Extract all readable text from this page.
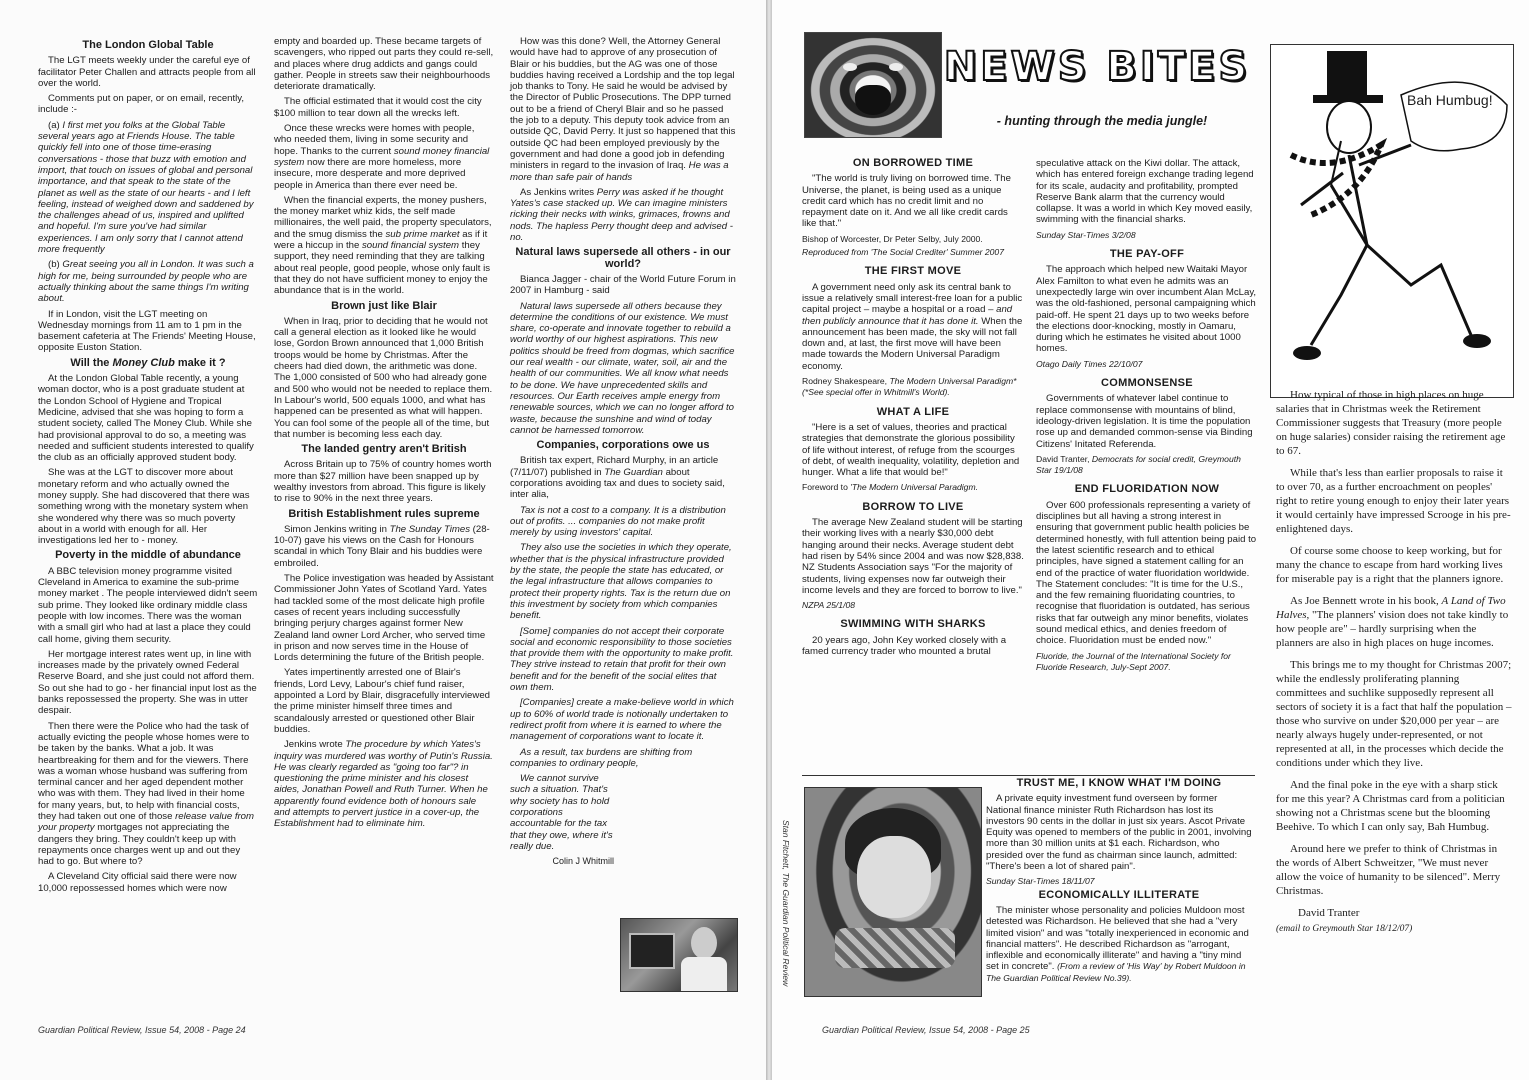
The London Global Table

The LGT meets weekly under the careful eye of facilitator Peter Challen and attracts people from all over the world.

Comments put on paper, or on email, recently, include :-

(a) I first met you folks at the Global Table several years ago at Friends House. The table quickly fell into one of those time-erasing conversations - those that buzz with emotion and import, that touch on issues of global and personal importance, and that speak to the state of the planet as well as the state of our hearts - and I left feeling, instead of weighed down and saddened by the challenges ahead of us, inspired and uplifted and hopeful. I'm sure you've had similar experiences. I am only sorry that I cannot attend more frequently

(b) Great seeing you all in London. It was such a high for me, being surrounded by people who are actually thinking about the same things I'm writing about.

If in London, visit the LGT meeting on Wednesday mornings from 11 am to 1 pm in the basement cafeteria at The Friends' Meeting House, opposite Euston Station.

Will the Money Club make it ?

At the London Global Table recently, a young woman doctor, who is a post graduate student at the London School of Hygiene and Tropical Medicine, advised that she was hoping to form a student society, called The Money Club. While she had provisional approval to do so, a meeting was needed and sufficient students interested to qualify the club as an officially approved student body.

She was at the LGT to discover more about monetary reform and who actually owned the money supply. She had discovered that there was something wrong with the monetary system when she wondered why there was so much poverty about in a world with enough for all. Her investigations led her to - money.

Poverty in the middle of abundance

A BBC television money programme visited Cleveland in America to examine the sub-prime money market . The people interviewed didn't seem sub prime. They looked like ordinary middle class people with low incomes. There was the woman with a small girl who had at last a place they could call home, giving them security.

Her mortgage interest rates went up, in line with increases made by the privately owned Federal Reserve Board, and she just could not afford them. So out she had to go - her financial input lost as the banks repossessed the property. She was in utter despair.

Then there were the Police who had the task of actually evicting the people whose homes were to be taken by the banks. What a job. It was heartbreaking for them and for the viewers. There was a woman whose husband was suffering from terminal cancer and her aged dependent mother who was with them. They had lived in their home for many years, but, to help with financial costs, they had taken out one of those release value from your property mortgages not appreciating the dangers they bring. They couldn't keep up with repayments once charges went up and out they had to go. But where to?

A Cleveland City official said there were now 10,000 repossessed homes which were now

empty and boarded up. These became targets of scavengers, who ripped out parts they could re-sell, and places where drug addicts and gangs could gather. People in streets saw their neighbourhoods deteriorate dramatically.

The official estimated that it would cost the city $100 million to tear down all the wrecks left.

Once these wrecks were homes with people, who needed them, living in some security and hope. Thanks to the current sound money financial system now there are more homeless, more insecure, more desperate and more deprived people in America than there ever need be.

When the financial experts, the money pushers, the money market whiz kids, the self made millionaires, the well paid, the property speculators, and the smug dismiss the sub prime market as if it were a hiccup in the sound financial system they support, they need reminding that they are talking about real people, good people, whose only fault is that they do not have sufficient money to enjoy the abundance that is in the world.

Brown just like Blair

When in Iraq, prior to deciding that he would not call a general election as it looked like he would lose, Gordon Brown announced that 1,000 British troops would be home by Christmas. After the cheers had died down, the arithmetic was done. The 1,000 consisted of 500 who had already gone and 500 who would not be needed to replace them. In Labour's world, 500 equals 1000, and what has happened can be presented as what will happen. You can fool some of the people all of the time, but that number is becoming less each day.

The landed gentry aren't British

Across Britain up to 75% of country homes worth more than $27 million have been snapped up by wealthy investors from abroad. This figure is likely to rise to 90% in the next three years.

British Establishment rules supreme

Simon Jenkins writing in The Sunday Times (28-10-07) gave his views on the Cash for Honours scandal in which Tony Blair and his buddies were embroiled.

The Police investigation was headed by Assistant Commissioner John Yates of Scotland Yard. Yates had tackled some of the most delicate high profile cases of recent years including successfully bringing perjury charges against former New Zealand land owner Lord Archer, who served time in prison and now serves time in the House of Lords determining the future of the British people.

Yates impertinently arrested one of Blair's friends, Lord Levy, Labour's chief fund raiser, appointed a Lord by Blair, disgracefully interviewed the prime minister himself three times and scandalously arrested or questioned other Blair buddies.

Jenkins wrote The procedure by which Yates's inquiry was murdered was worthy of Putin's Russia. He was clearly regarded as "going too far"? in questioning the prime minister and his closest aides, Jonathan Powell and Ruth Turner. When he apparently found evidence both of honours sale and attempts to pervert justice in a cover-up, the Establishment had to eliminate him.

How was this done? Well, the Attorney General would have had to approve of any prosecution of Blair or his buddies, but the AG was one of those buddies having received a Lordship and the top legal job thanks to Tony. He said he would be advised by the Director of Public Prosecutions. The DPP turned out to be a friend of Cheryl Blair and so he passed the job to a deputy. This deputy took advice from an outside QC, David Perry. It just so happened that this outside QC had been employed previously by the government and had done a good job in defending ministers in regard to the invasion of Iraq. He was a more than safe pair of hands

As Jenkins writes Perry was asked if he thought Yates's case stacked up. We can imagine ministers ricking their necks with winks, grimaces, frowns and nods. The hapless Perry thought deep and advised - no.

Natural laws supersede all others - in our world?

Bianca Jagger - chair of the World Future Forum in 2007 in Hamburg - said

Natural laws supersede all others because they determine the conditions of our existence. We must share, co-operate and innovate together to rebuild a world worthy of our highest aspirations. This new politics should be freed from dogmas, which sacrifice our real wealth - our climate, water, soil, air and the health of our communities. We all know what needs to be done. We have unprecedented skills and resources. Our Earth receives ample energy from renewable sources, which we can no longer afford to waste, because the sunshine and wind of today cannot be harnessed tomorrow.

Companies, corporations owe us

British tax expert, Richard Murphy, in an article (7/11/07) published in The Guardian about corporations avoiding tax and dues to society said, inter alia,

Tax is not a cost to a company. It is a distribution out of profits. ... companies do not make profit merely by using investors' capital.

They also use the societies in which they operate, whether that is the physical infrastructure provided by the state, the people the state has educated, or the legal infrastructure that allows companies to protect their property rights. Tax is the return due on this investment by society from which companies benefit.

[Some] companies do not accept their corporate social and economic responsibility to those societies that provide them with the opportunity to make profit. They strive instead to retain that profit for their own benefit and for the benefit of the social elites that own them.

[Companies] create a make-believe world in which up to 60% of world trade is notionally undertaken to redirect profit from where it is earned to where the management of corporations want to locate it.

As a result, tax burdens are shifting from companies to ordinary people,

We cannot survive such a situation. That's why society has to hold corporations accountable for the tax that they owe, where it's really due.

Colin J Whitmill

Guardian Political Review, Issue 54, 2008 - Page 24
NEWS BITES
- hunting through the media jungle!
Bah Humbug!
ON BORROWED TIME

"The world is truly living on borrowed time. The Universe, the planet, is being used as a unique credit card which has no credit limit and no repayment date on it. And we all like credit cards like that."

Bishop of Worcester, Dr Peter Selby, July 2000.

Reproduced from 'The Social Crediter' Summer 2007

THE FIRST MOVE

A government need only ask its central bank to issue a relatively small interest-free loan for a public capital project – maybe a hospital or a road – and then publicly announce that it has done it. When the announcement has been made, the sky will not fall down and, at last, the first move will have been made towards the Modern Universal Paradigm economy.

Rodney Shakespeare, The Modern Universal Paradigm* (*See special offer in Whitmill's World).

WHAT A LIFE

"Here is a set of values, theories and practical strategies that demonstrate the glorious possibility of life without interest, of refuge from the scourges of debt, of wealth inequality, volatility, depletion and hunger. What a life that would be!"

Foreword to 'The Modern Universal Paradigm.

BORROW TO LIVE

The average New Zealand student will be starting their working lives with a nearly $30,000 debt hanging around their necks. Average student debt had risen by 54% since 2004 and was now $28,838. NZ Students Association says "For the majority of students, living expenses now far outweigh their income levels and they are forced to borrow to live."

NZPA 25/1/08

SWIMMING WITH SHARKS

20 years ago, John Key worked closely with a famed currency trader who mounted a brutal

speculative attack on the Kiwi dollar. The attack, which has entered foreign exchange trading legend for its scale, audacity and profitability, prompted Reserve Bank alarm that the currency would collapse. It was a world in which Key moved easily, swimming with the financial sharks.

Sunday Star-Times 3/2/08

THE PAY-OFF

The approach which helped new Waitaki Mayor Alex Familton to what even he admits was an unexpectedly large win over incumbent Alan McLay, was the old-fashioned, personal campaigning which paid-off. He spent 21 days up to two weeks before the elections door-knocking, mostly in Oamaru, during which he estimates he visited about 1000 homes.

Otago Daily Times 22/10/07

COMMONSENSE

Governments of whatever label continue to replace commonsense with mountains of blind, ideology-driven legislation. It is time the population rose up and demanded common-sense via Binding Citizens' Initated Referenda.

David Tranter, Democrats for social credit, Greymouth Star 19/1/08

END FLUORIDATION NOW

Over 600 professionals representing a variety of disciplines but all having a strong interest in ensuring that government public health policies be determined honestly, with full attention being paid to the latest scientific research and to ethical principles, have signed a statement calling for an end of the practice of water fluoridation worldwide. The Statement concludes: "It is time for the U.S., and the few remaining fluoridating countries, to recognise that fluoridation is outdated, has serious risks that far outweigh any minor benefits, violates sound medical ethics, and denies freedom of choice. Fluoridation must be ended now."

Fluoride, the Journal of the International Society for Fluoride Research, July-Sept 2007.

Stan Fitchett, The Guardian Political Review
TRUST ME, I KNOW WHAT I'M DOING

A private equity investment fund overseen by former National finance minister Ruth Richardson has lost its investors 90 cents in the dollar in just six years. Ascot Private Equity was opened to members of the public in 2001, involving more than 30 million units at $1 each. Richardson, who presided over the fund as chairman since launch, admitted: "There's been a lot of shared pain".

Sunday Star-Times 18/11/07

ECONOMICALLY ILLITERATE

The minister whose personality and policies Muldoon most detested was Richardson. He believed that she had a "very limited vision" and was "totally inexperienced in economic and financial matters". He described Richardson as "arrogant, inflexible and economically illiterate" and having a "tiny mind set in concrete". (From a review of 'His Way' by Robert Muldoon in The Guardian Political Review No.39).

How typical of those in high places on huge salaries that in Christmas week the Retirement Commissioner suggests that Treasury (more people on huge salaries) consider raising the retirement age to 67.

While that's less than earlier proposals to raise it to over 70, as a further encroachment on peoples' right to retire young enough to enjoy their later years it would certainly have impressed Scrooge in his pre-enlightened days.

Of course some choose to keep working, but for many the chance to escape from hard working lives for miserable pay is a right that the planners ignore.

As Joe Bennett wrote in his book, A Land of Two Halves, "The planners' vision does not take kindly to how people are" – hardly surprising when the planners are also in high places on huge incomes.

This brings me to my thought for Christmas 2007; while the endlessly proliferating planning committees and suchlike supposedly represent all sectors of society it is a fact that half the population – those who survive on under $20,000 per year – are nearly always hugely under-represented, or not represented at all, in the processes which decide the conditions under which they live.

And the final poke in the eye with a sharp stick for me this year? A Christmas card from a politician showing not a Christmas scene but the blooming Beehive. To which I can only say, Bah Humbug.

Around here we prefer to think of Christmas in the words of Albert Schweitzer, "We must never allow the voice of humanity to be silenced". Merry Christmas.

David Tranter

(email to Greymouth Star 18/12/07)

Guardian Political Review, Issue 54, 2008 - Page 25
